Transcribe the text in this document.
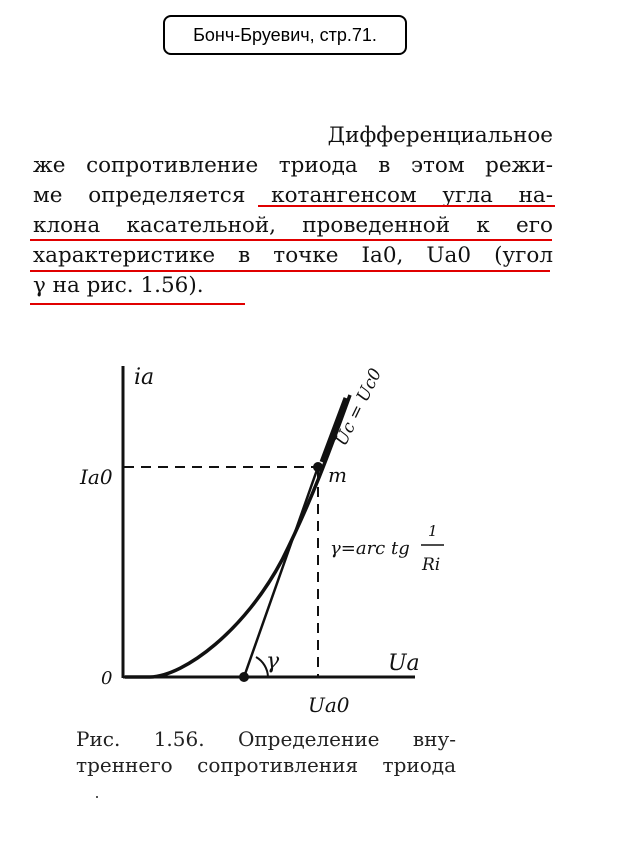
Бонч-Бруевич, стр.71.
Дифференциальное
же сопротивление триода в этом режи-
ме определяется котангенсом угла на-
клона касательной, проведенной к его
характеристике в точке Iа0, Uа0 (угол
γ на рис. 1.56).
iа
Uа
Iа0
Uа0
0
m
γ
Uc = Uc0
γ=arc tg
1
Ri
Рис. 1.56. Определение вну-
треннего сопротивления триода
